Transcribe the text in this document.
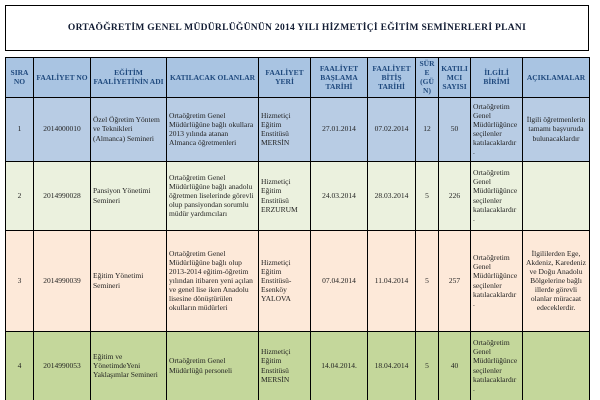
ORTAÖĞRETİM GENEL MÜDÜRLÜĞÜNÜN 2014 YILI HİZMETİÇİ EĞİTİM SEMİNERLERİ PLANI
SIRA NO	FAALİYET NO	EĞİTİM FAALİYETİNİN ADI	KATILACAK OLANLAR	FAALİYET YERİ	FAALİYET BAŞLAMA TARİHİ	FAALİYET BİTİŞ TARİHİ	SÜRE (GÜN)	KATILIMCI SAYISI	İLGİLİ BİRİMİ	AÇIKLAMALAR
1	2014000010	Özel Öğretim Yöntem ve Teknikleri (Almanca) Semineri	Ortaöğretim Genel Müdürlüğüne bağlı okullara 2013 yılında atanan Almanca öğretmenleri	Hizmetiçi Eğitim Enstitüsü MERSİN	27.01.2014	07.02.2014	12	50	Ortaöğretim Genel Müdürlüğünce seçilenler katılacaklardır .	İlgili öğretmenlerin tamamı başvuruda bulunacaklardır
2	2014990028	Pansiyon Yönetimi Semineri	Ortaöğretim Genel Müdürlüğüne bağlı anadolu öğretmen liselerinde görevli olup pansiyondan sorumlu müdür yardımcıları	Hizmetiçi Eğitim Enstitüsü ERZURUM	24.03.2014	28.03.2014	5	226	Ortaöğretim Genel Müdürlüğünce seçilenler katılacaklardır .	
3	2014990039	Eğitim Yönetimi Semineri	Ortaöğretim Genel Müdürlüğüne bağlı olup 2013-2014 eğitim-öğretim yılından itibaren yeni açılan ve genel lise iken Anadolu lisesine dönüştürülen okulların müdürleri	Hizmetiçi Eğitim Enstitüsü-Esenköy YALOVA	07.04.2014	11.04.2014	5	257	Ortaöğretim Genel Müdürlüğünce seçilenler katılacaklardır .	İlgililerden Ege, Akdeniz, Karedeniz ve Doğu Anadolu Bölgelerine bağlı illerde görevli olanlar müracaat edeceklerdir.
4	2014990053	Eğitim ve YönetimdeYeni Yaklaşımlar Semineri	Ortaöğretim Genel Müdürlüğü personeli	Hizmetiçi Eğitim Enstitüsü MERSİN	14.04.2014.	18.04.2014	5	40	Ortaöğretim Genel Müdürlüğünce seçilenler katılacaklardır .	
